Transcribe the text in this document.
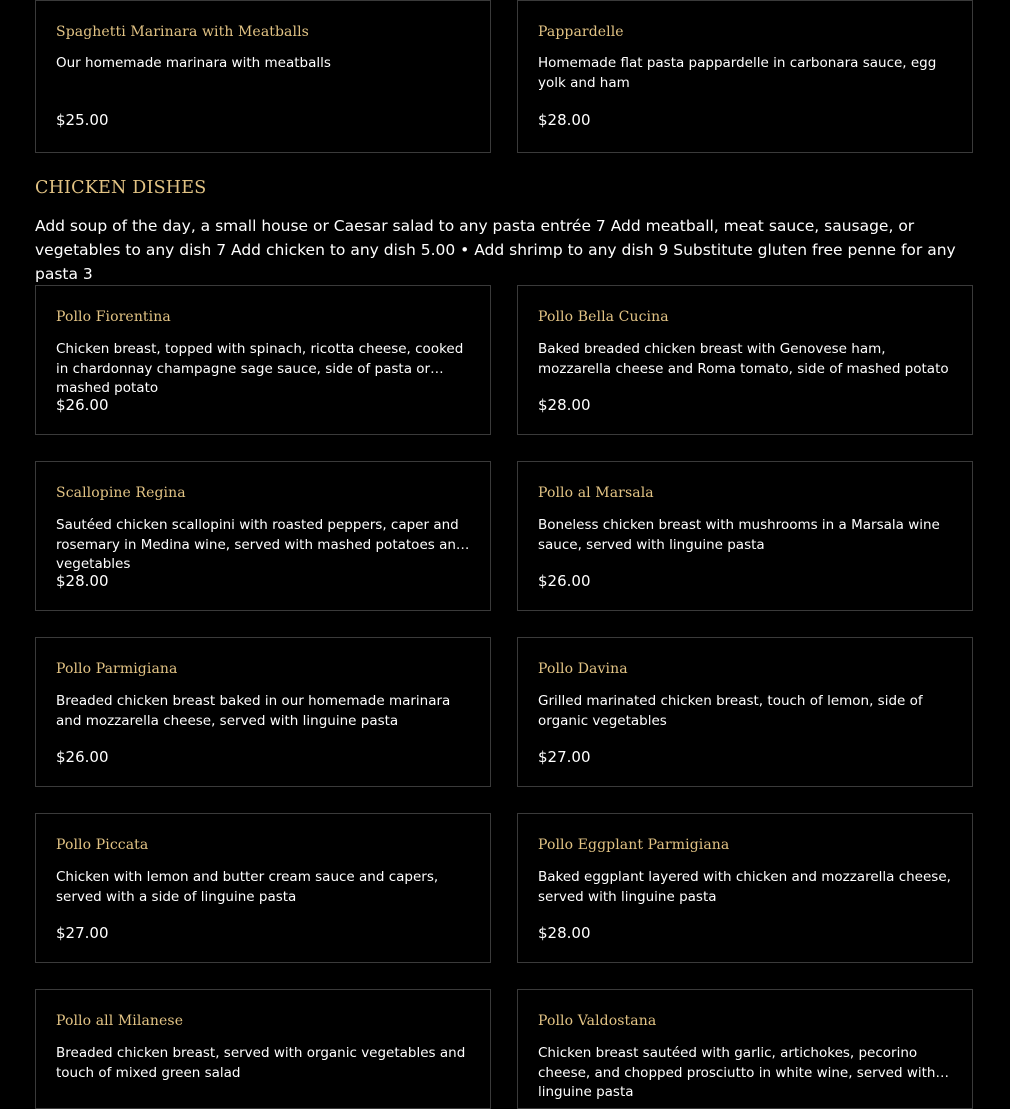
Spaghetti Marinara with Meatballs
Our homemade marinara with meatballs
$25.00
Pappardelle
Homemade flat pasta pappardelle in carbonara sauce, egg yolk and ham
$28.00
CHICKEN DISHES
Add soup of the day, a small house or Caesar salad to any pasta entrée 7 Add meatball, meat sauce, sausage, or vegetables to any dish 7 Add chicken to any dish 5.00 • Add shrimp to any dish 9 Substitute gluten free penne for any pasta 3
Pollo Fiorentina
Chicken breast, topped with spinach, ricotta cheese, cooked in chardonnay champagne sage sauce, side of pasta or mashed potato
$26.00
Pollo Bella Cucina
Baked breaded chicken breast with Genovese ham, mozzarella cheese and Roma tomato, side of mashed potato
$28.00
Scallopine Regina
Sautéed chicken scallopini with roasted peppers, caper and rosemary in Medina wine, served with mashed potatoes and vegetables
$28.00
Pollo al Marsala
Boneless chicken breast with mushrooms in a Marsala wine sauce, served with linguine pasta
$26.00
Pollo Parmigiana
Breaded chicken breast baked in our homemade marinara and mozzarella cheese, served with linguine pasta
$26.00
Pollo Davina
Grilled marinated chicken breast, touch of lemon, side of organic vegetables
$27.00
Pollo Piccata
Chicken with lemon and butter cream sauce and capers, served with a side of linguine pasta
$27.00
Pollo Eggplant Parmigiana
Baked eggplant layered with chicken and mozzarella cheese, served with linguine pasta
$28.00
Pollo all Milanese
Breaded chicken breast, served with organic vegetables and touch of mixed green salad
Pollo Valdostana
Chicken breast sautéed with garlic, artichokes, pecorino cheese, and chopped prosciutto in white wine, served with linguine pasta
